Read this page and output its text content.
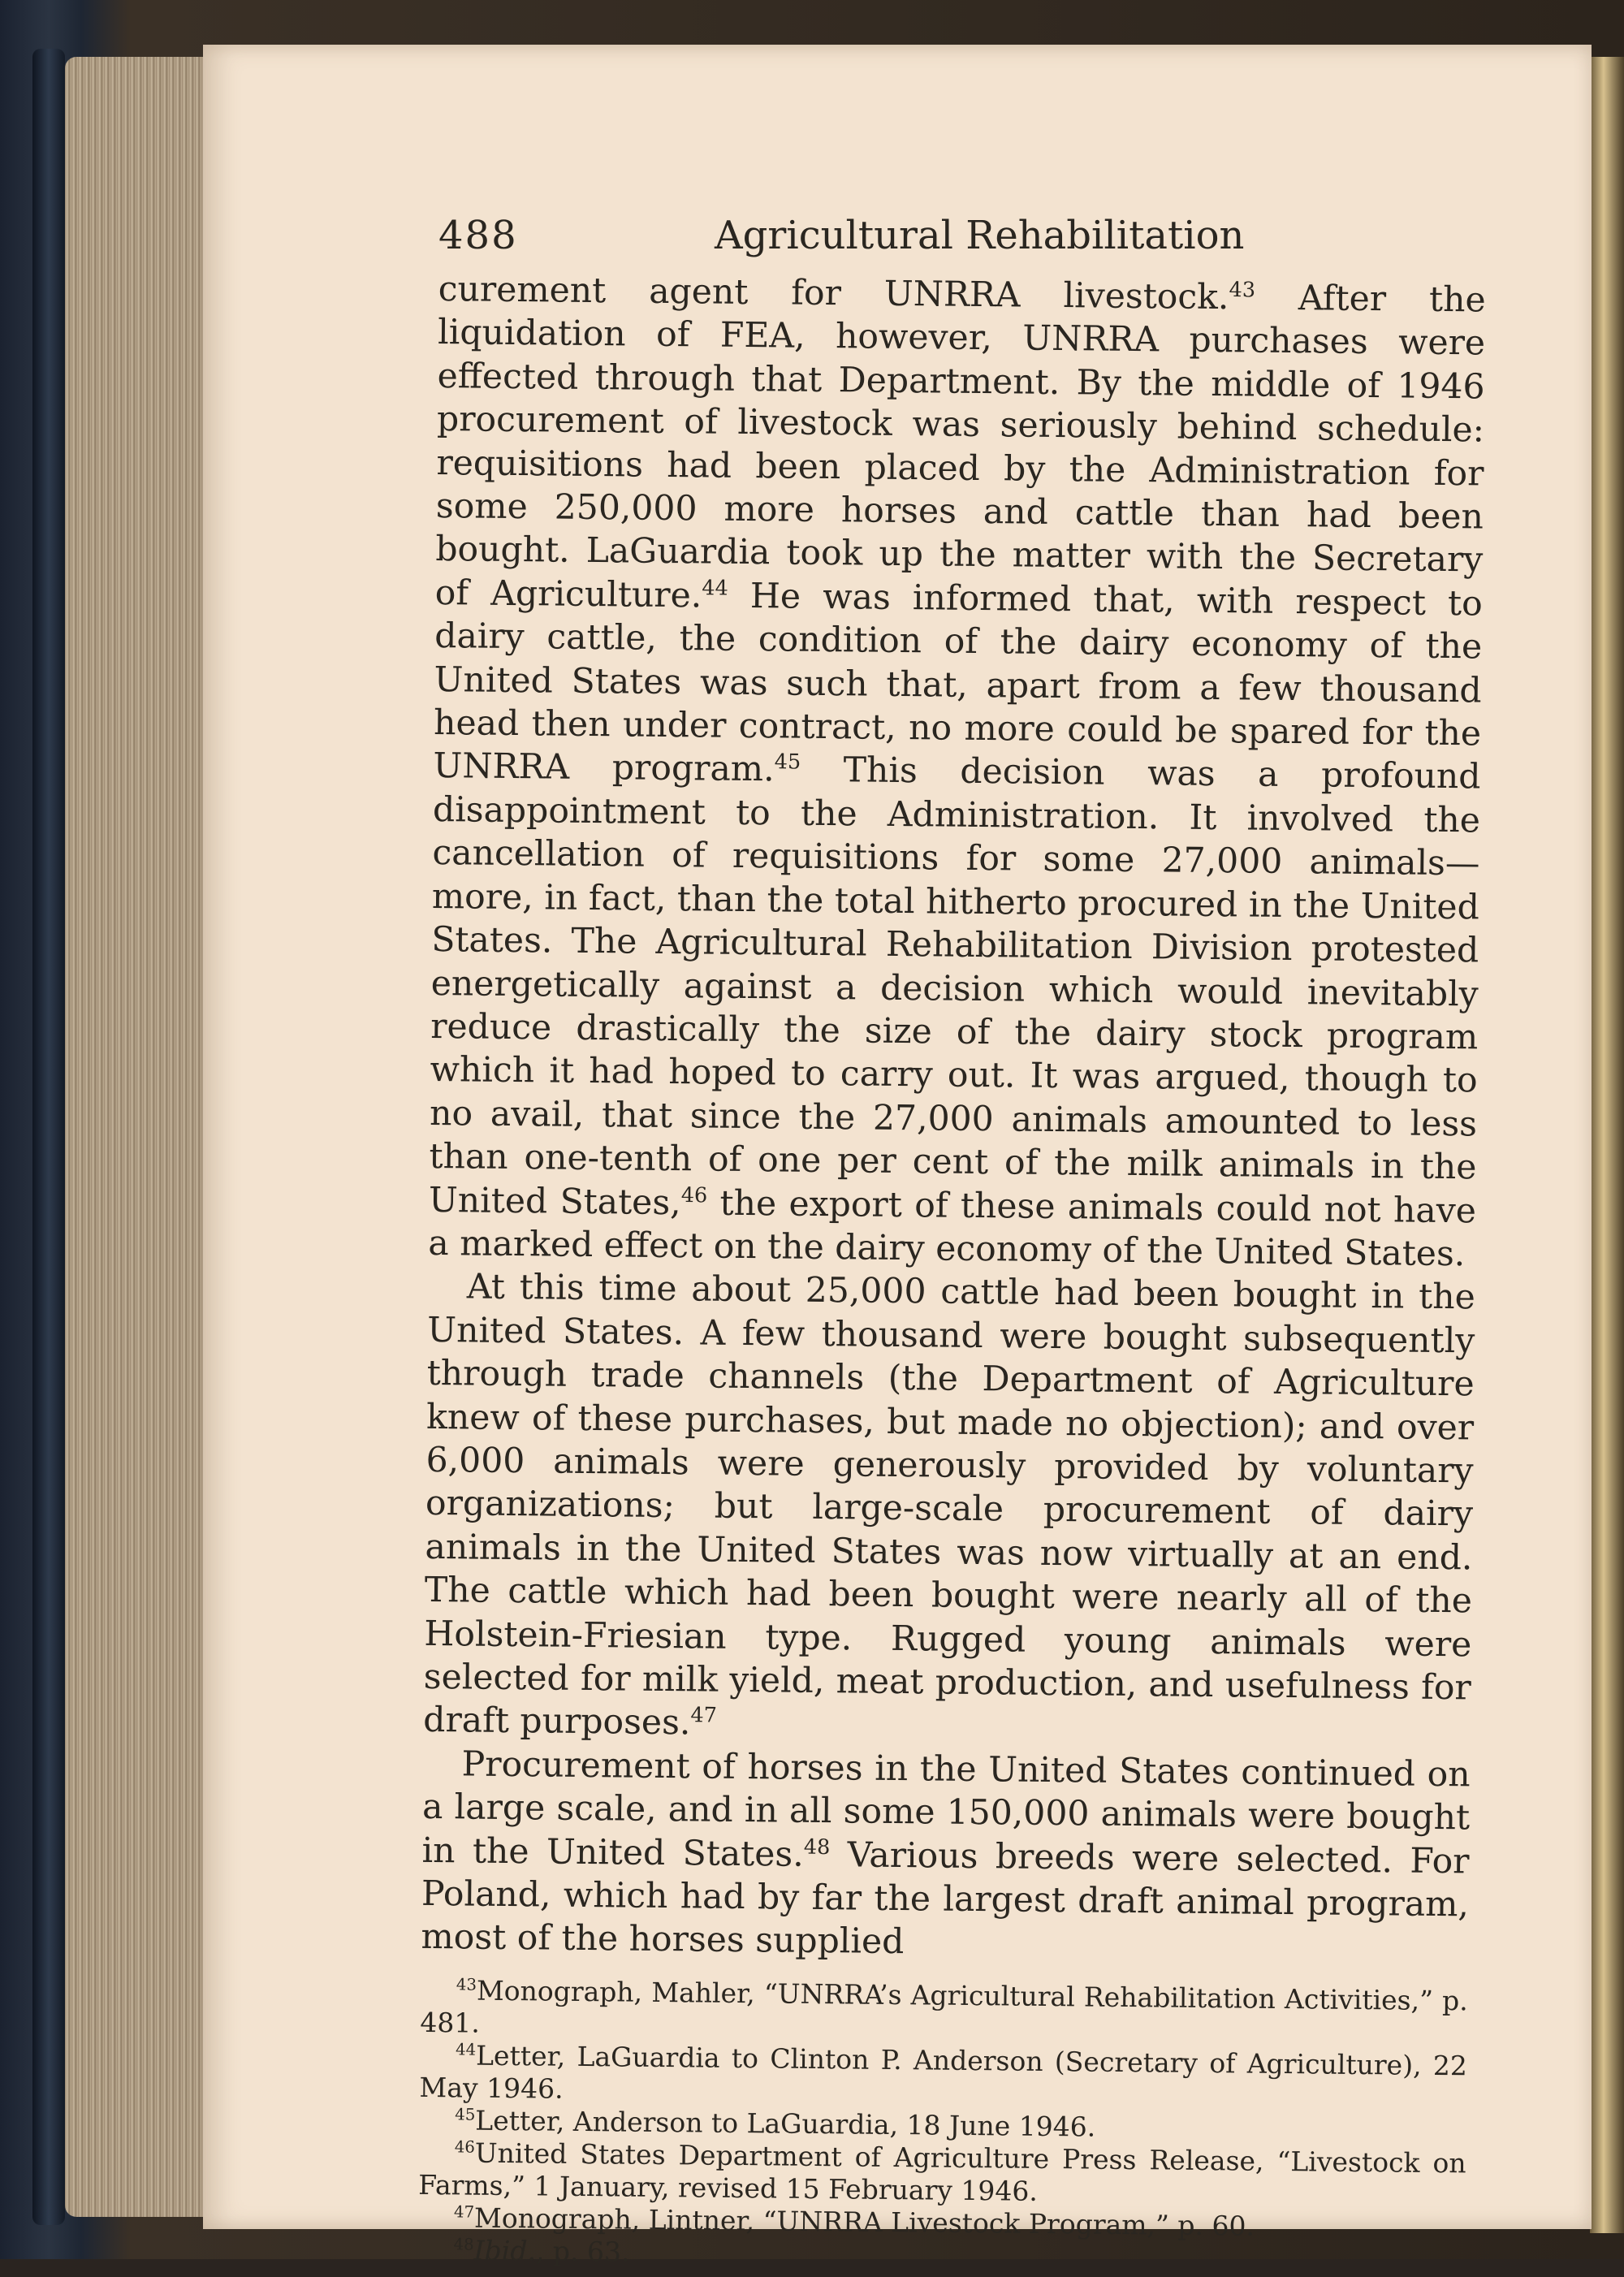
488	Agricultural Rehabilitation

curement agent for UNRRA livestock.$^{43}$ After the liquidation of FEA, however, UNRRA purchases were effected through that Department. By the middle of 1946 procurement of livestock was seriously behind schedule: requisitions had been placed by the Administration for some 250,000 more horses and cattle than had been bought. LaGuardia took up the matter with the Secretary of Agriculture.$^{44}$ He was informed that, with respect to dairy cattle, the condition of the dairy economy of the United States was such that, apart from a few thousand head then under contract, no more could be spared for the UNRRA program.$^{45}$ This decision was a profound disappointment to the Administration. It involved the cancellation of requisitions for some 27,000 animals—more, in fact, than the total hitherto procured in the United States. The Agricultural Rehabilitation Division protested energetically against a decision which would inevitably reduce drastically the size of the dairy stock program which it had hoped to carry out. It was argued, though to no avail, that since the 27,000 animals amounted to less than one-tenth of one per cent of the milk animals in the United States,$^{46}$ the export of these animals could not have a marked effect on the dairy economy of the United States.

At this time about 25,000 cattle had been bought in the United States. A few thousand were bought subsequently through trade channels (the Department of Agriculture knew of these purchases, but made no objection); and over 6,000 animals were generously provided by voluntary organizations; but large-scale procurement of dairy animals in the United States was now virtually at an end. The cattle which had been bought were nearly all of the Holstein-Friesian type. Rugged young animals were selected for milk yield, meat production, and usefulness for draft purposes.$^{47}$

Procurement of horses in the United States continued on a large scale, and in all some 150,000 animals were bought in the United States.$^{48}$ Various breeds were selected. For Poland, which had by far the largest draft animal program, most of the horses supplied

$^{43}$Monograph, Mahler, “UNRRA’s Agricultural Rehabilitation Activities,” p. 481.

$^{44}$Letter, LaGuardia to Clinton P. Anderson (Secretary of Agriculture), 22 May 1946.

$^{45}$Letter, Anderson to LaGuardia, 18 June 1946.

$^{46}$United States Department of Agriculture Press Release, “Livestock on Farms,” 1 January, revised 15 February 1946.

$^{47}$Monograph, Lintner, “UNRRA Livestock Program,” p. 60.

$^{48}$Ibid., p. 63.
